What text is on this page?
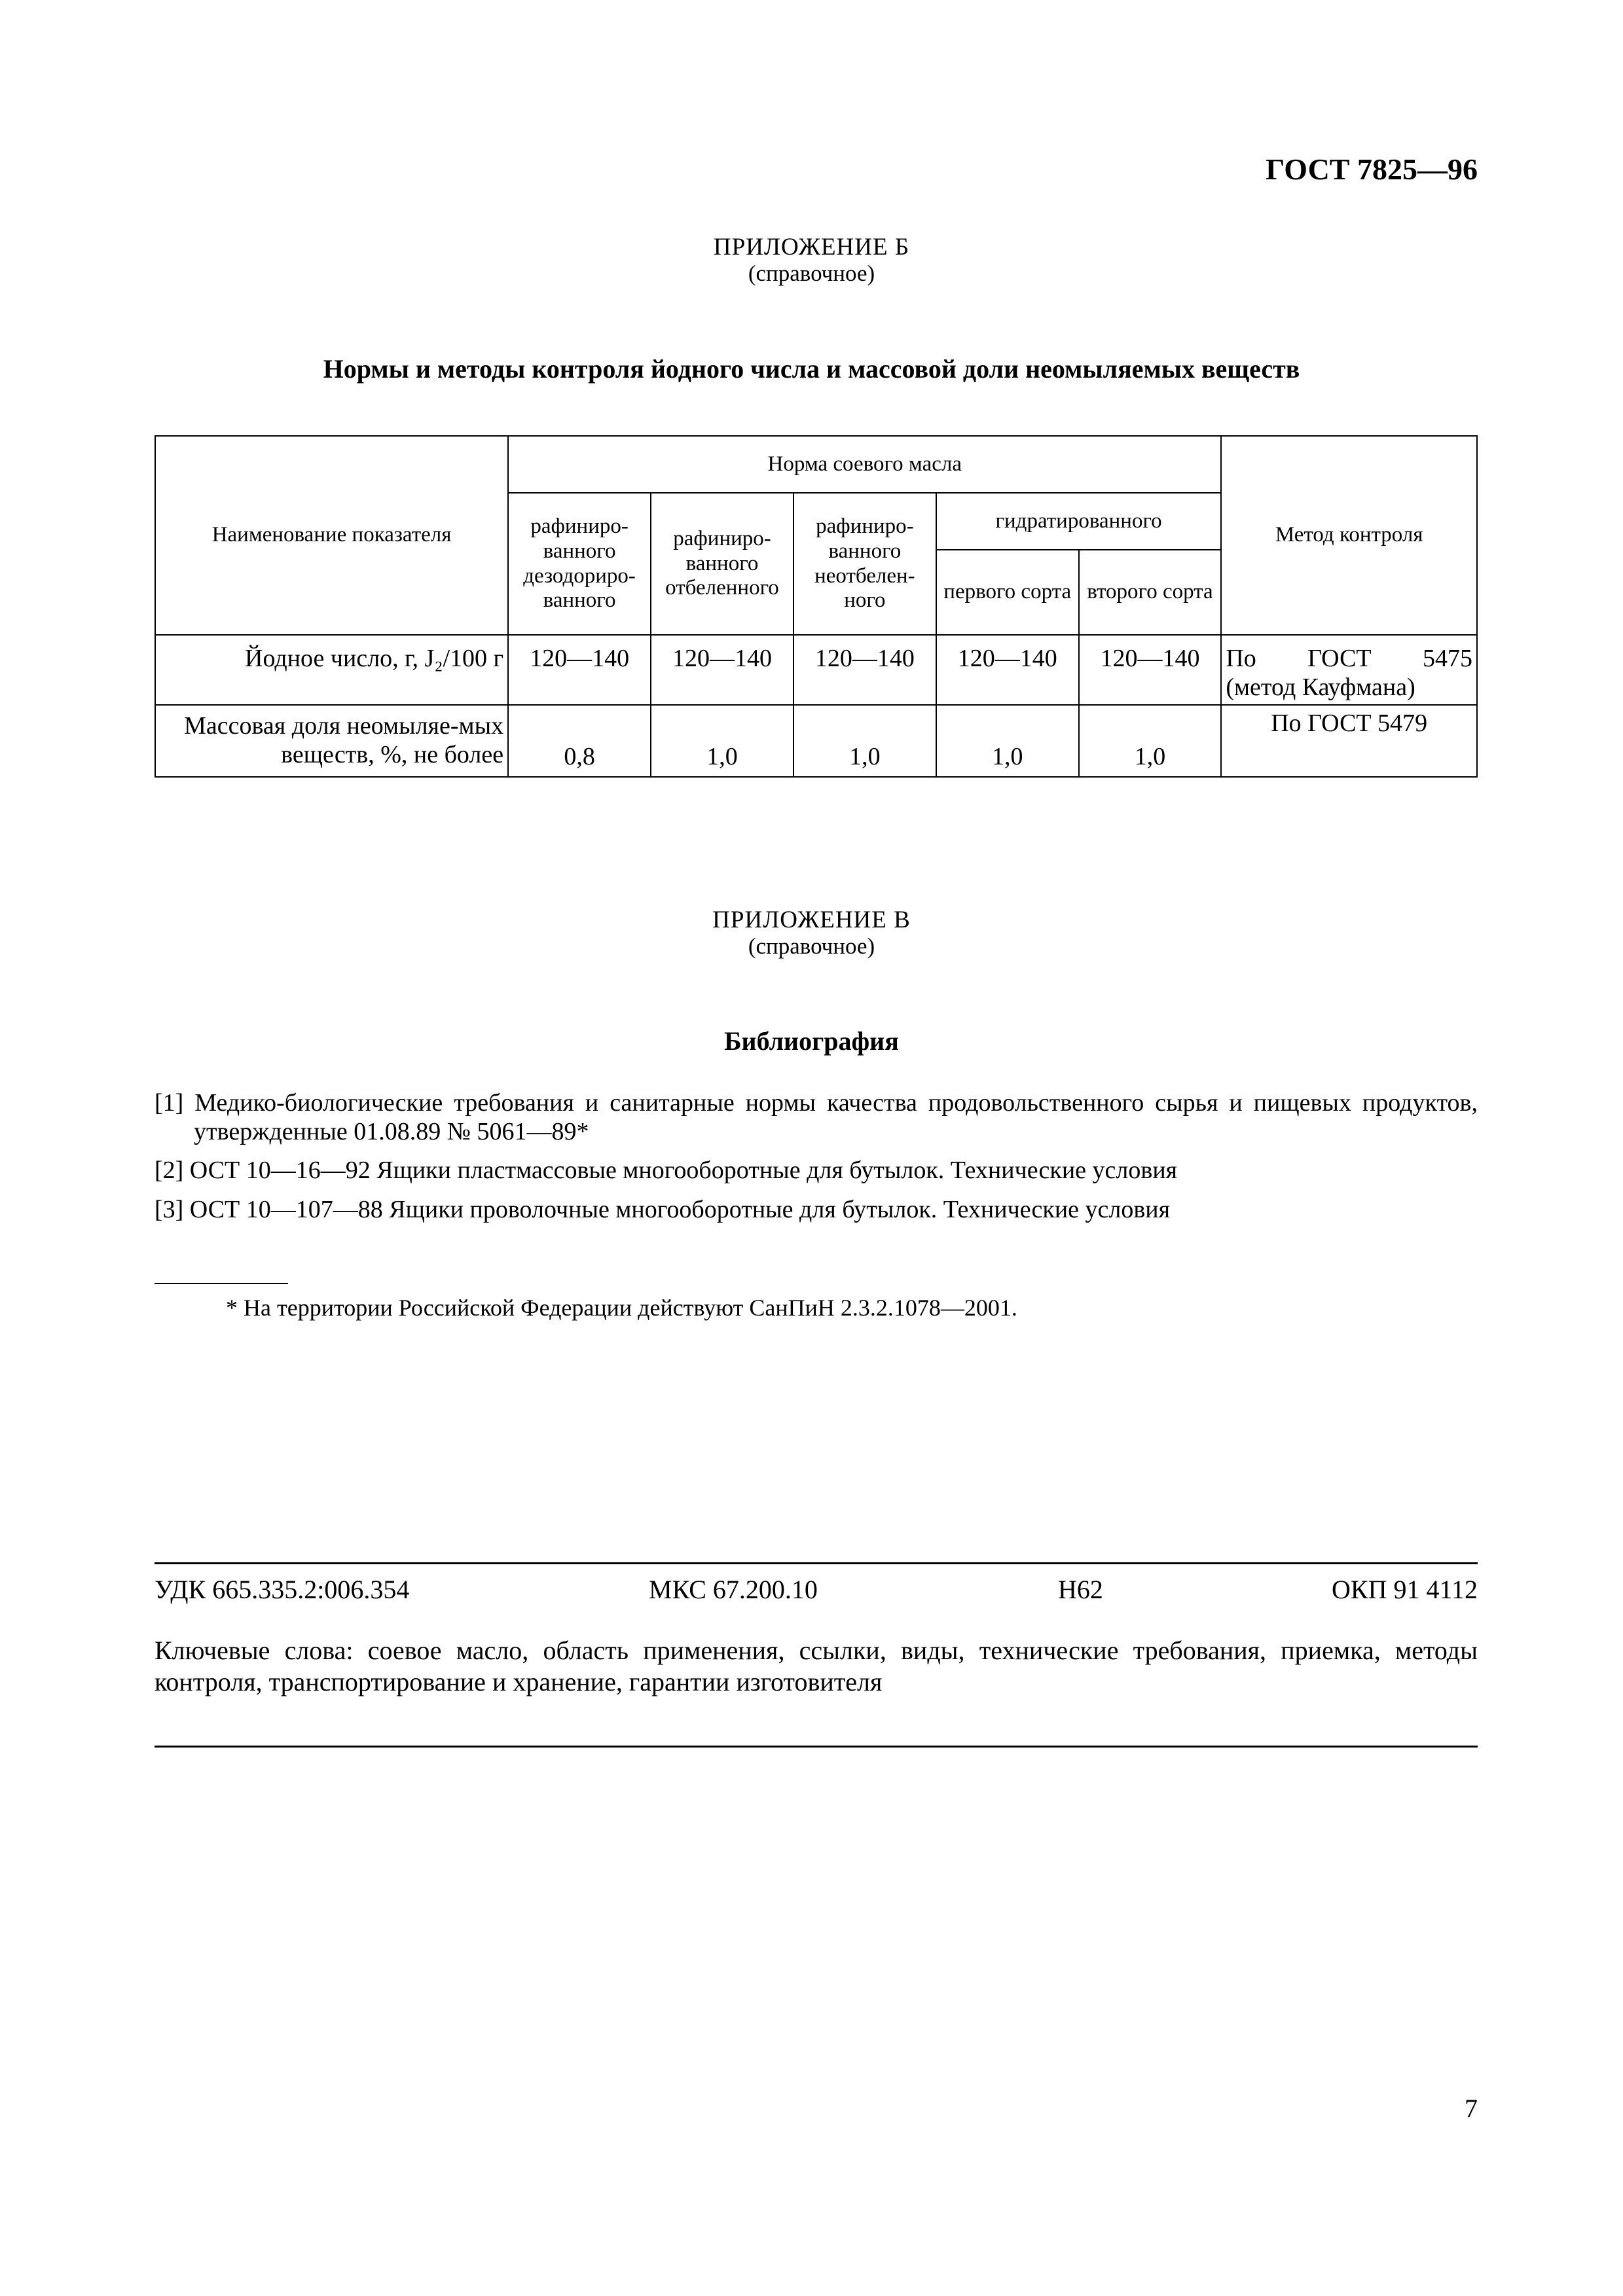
ГОСТ 7825—96
ПРИЛОЖЕНИЕ Б
(справочное)
Нормы и методы контроля йодного числа и массовой доли неомыляемых веществ
Наименование показателя	Норма соевого масла					Метод контроля
	рафиниро-ванного дезодориро-ванного	рафиниро-ванного отбеленного	рафиниро-ванного неотбелен-ного	гидратированного		
				первого сорта	второго сорта	
Йодное число, г, J₂/100 г	120—140	120—140	120—140	120—140	120—140	По ГОСТ 5475
(метод Кауфмана)

Массовая доля неомыляе-мых веществ, %, не более	0,8	1,0	1,0	1,0	1,0	По ГОСТ 5479
ПРИЛОЖЕНИЕ В
(справочное)
Библиография
[1] Медико-биологические требования и санитарные нормы качества продовольственного сырья и пищевых продуктов, утвержденные 01.08.89 № 5061—89*
[2] ОСТ 10—16—92 Ящики пластмассовые многооборотные для бутылок. Технические условия
[3] ОСТ 10—107—88 Ящики проволочные многооборотные для бутылок. Технические условия
* На территории Российской Федерации действуют СанПиН 2.3.2.1078—2001.
УДК 665.335.2:006.354	МКС 67.200.10	Н62	ОКП 91 4112
Ключевые слова: соевое масло, область применения, ссылки, виды, технические требования, приемка, методы контроля, транспортирование и хранение, гарантии изготовителя
7
